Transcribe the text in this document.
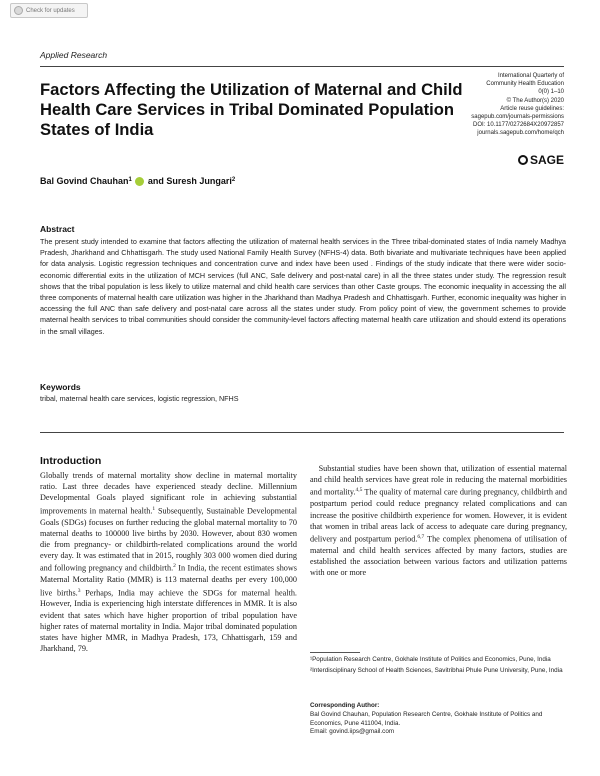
Check for updates
Applied Research
Factors Affecting the Utilization of Maternal and Child Health Care Services in Tribal Dominated Population States of India
International Quarterly of
Community Health Education
0(0) 1–10
© The Author(s) 2020
Article reuse guidelines:
sagepub.com/journals-permissions
DOI: 10.1177/0272684X20972857
journals.sagepub.com/home/qch
SAGE
Bal Govind Chauhan$^1$ and
Suresh Jungari$^2$
Abstract

The present study intended to examine that factors affecting the utilization of maternal health services in the Three tribal-dominated states of India namely Madhya Pradesh, Jharkhand and Chhattisgarh. The study used National Family Health Survey (NFHS-4) data. Both bivariate and multivariate techniques have been applied for data analysis. Logistic regression techniques and concentration curve and index have been used . Findings of the study indicate that there were wider socio-economic differential exits in the utilization of MCH services (full ANC, Safe delivery and post-natal care) in all the three states under study. The regression result shows that the tribal population is less likely to utilize maternal and child health care services than other Caste groups. The economic inequality in accessing the all three components of maternal health care utilization was higher in the Jharkhand than Madhya Pradesh and Chhattisgarh. Further, economic inequality was higher in accessing the full ANC than safe delivery and post-natal care across all the states under study. From policy point of view, the government schemes to provide maternal health services to tribal communities should consider the community-level factors affecting maternal health care utilization and should extend its operations in the small villages.

Keywords
tribal, maternal health care services, logistic regression, NFHS
Introduction

Globally trends of maternal mortality show decline in maternal mortality ratio. Last three decades have experienced steady decline. Millennium Developmental Goals played significant role in achieving substantial improvements in maternal health.$^1$ Subsequently, Sustainable Developmental Goals (SDGs) focuses on further reducing the global maternal mortality to 70 maternal deaths to 100000 live births by 2030. However, about 830 women die from pregnancy- or childbirth-related complications around the world every day. It was estimated that in 2015, roughly 303 000 women died during and following pregnancy and childbirth.$^2$ In India, the recent estimates shows Maternal Mortality Ratio (MMR) is 113 maternal deaths per every 100,000 live births.$^3$ Perhaps, India may achieve the SDGs for maternal health. However, India is experiencing high interstate differences in MMR. It is also evident that sates which have higher proportion of tribal population have higher rates of maternal mortality in India. Major tribal dominated population states have higher MMR, in Madhya Pradesh, 173, Chhattisgarh, 159 and Jharkhand, 79.

Substantial studies have been shown that, utilization of essential maternal and child health services have great role in reducing the maternal morbidities and mortality.$^{4,5}$ The quality of maternal care during pregnancy, childbirth and postpartum period could reduce pregnancy related complications and can increase the positive childbirth experience for women. However, it is evident that women in tribal areas lack of access to adequate care during pregnancy, delivery and postpartum period.$^{6,7}$ The complex phenomena of utilisation of maternal and child health services affected by many factors, studies are established the association between various factors and utilization patterns with one or more

¹Population Research Centre, Gokhale Institute of Politics and Economics, Pune, India

²Interdisciplinary School of Health Sciences, Savitribhai Phule Pune University, Pune, India

Corresponding Author:

Bal Govind Chauhan, Population Research Centre, Gokhale Institute of Politics and Economics, Pune 411004, India.

Email: govind.iips@gmail.com
